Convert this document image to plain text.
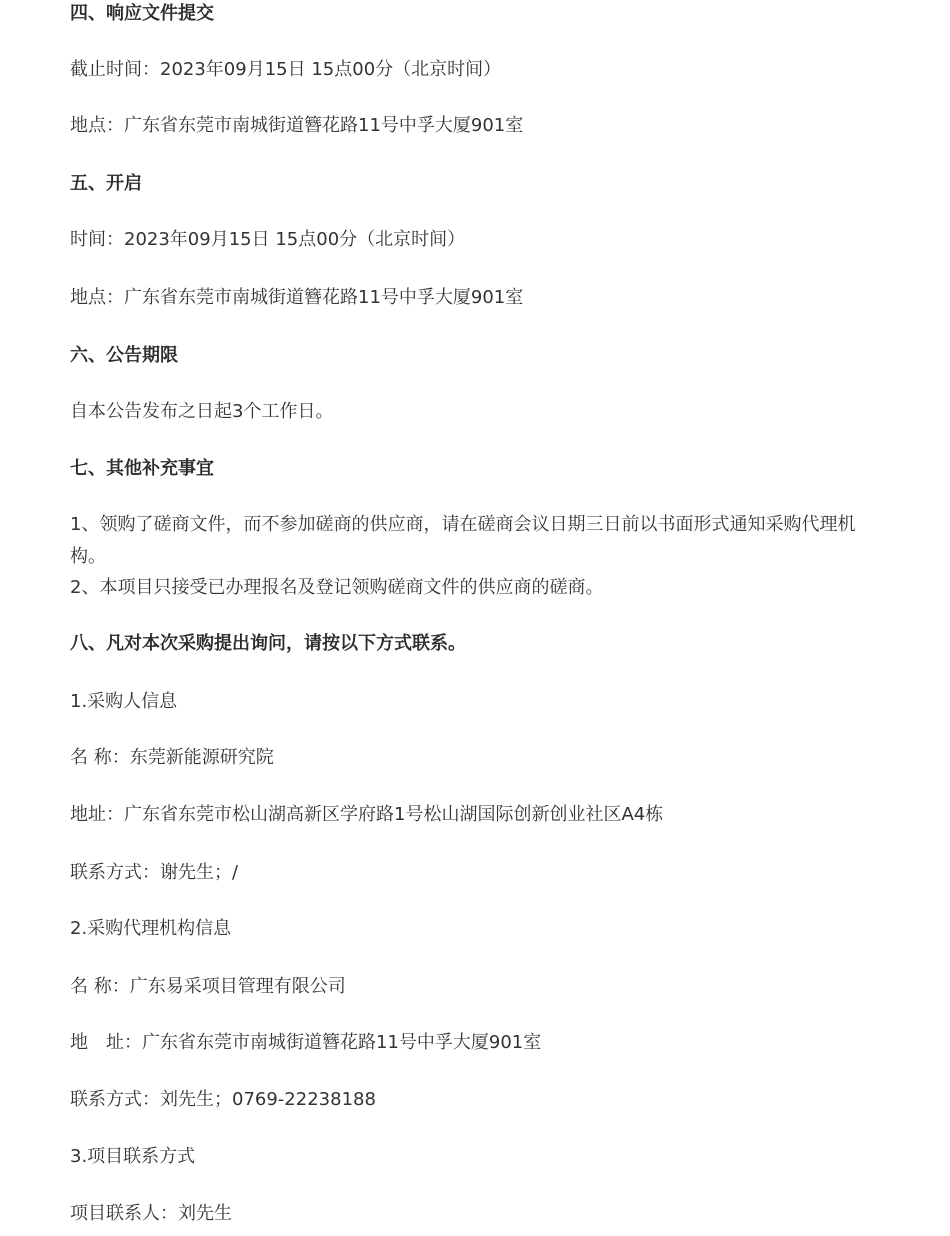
四、响应文件提交
截止时间：2023年09月15日 15点00分（北京时间）
地点：广东省东莞市南城街道簪花路11号中孚大厦901室
五、开启
时间：2023年09月15日 15点00分（北京时间）
地点：广东省东莞市南城街道簪花路11号中孚大厦901室
六、公告期限
自本公告发布之日起3个工作日。
七、其他补充事宜
1、领购了磋商文件，而不参加磋商的供应商，请在磋商会议日期三日前以书面形式通知采购代理机构。
2、本项目只接受已办理报名及登记领购磋商文件的供应商的磋商。
八、凡对本次采购提出询问，请按以下方式联系。
1.采购人信息
名 称：东莞新能源研究院
地址：广东省东莞市松山湖高新区学府路1号松山湖国际创新创业社区A4栋
联系方式：谢先生；/
2.采购代理机构信息
名 称：广东易采项目管理有限公司
地　址：广东省东莞市南城街道簪花路11号中孚大厦901室
联系方式：刘先生；0769-22238188
3.项目联系方式
项目联系人：刘先生
